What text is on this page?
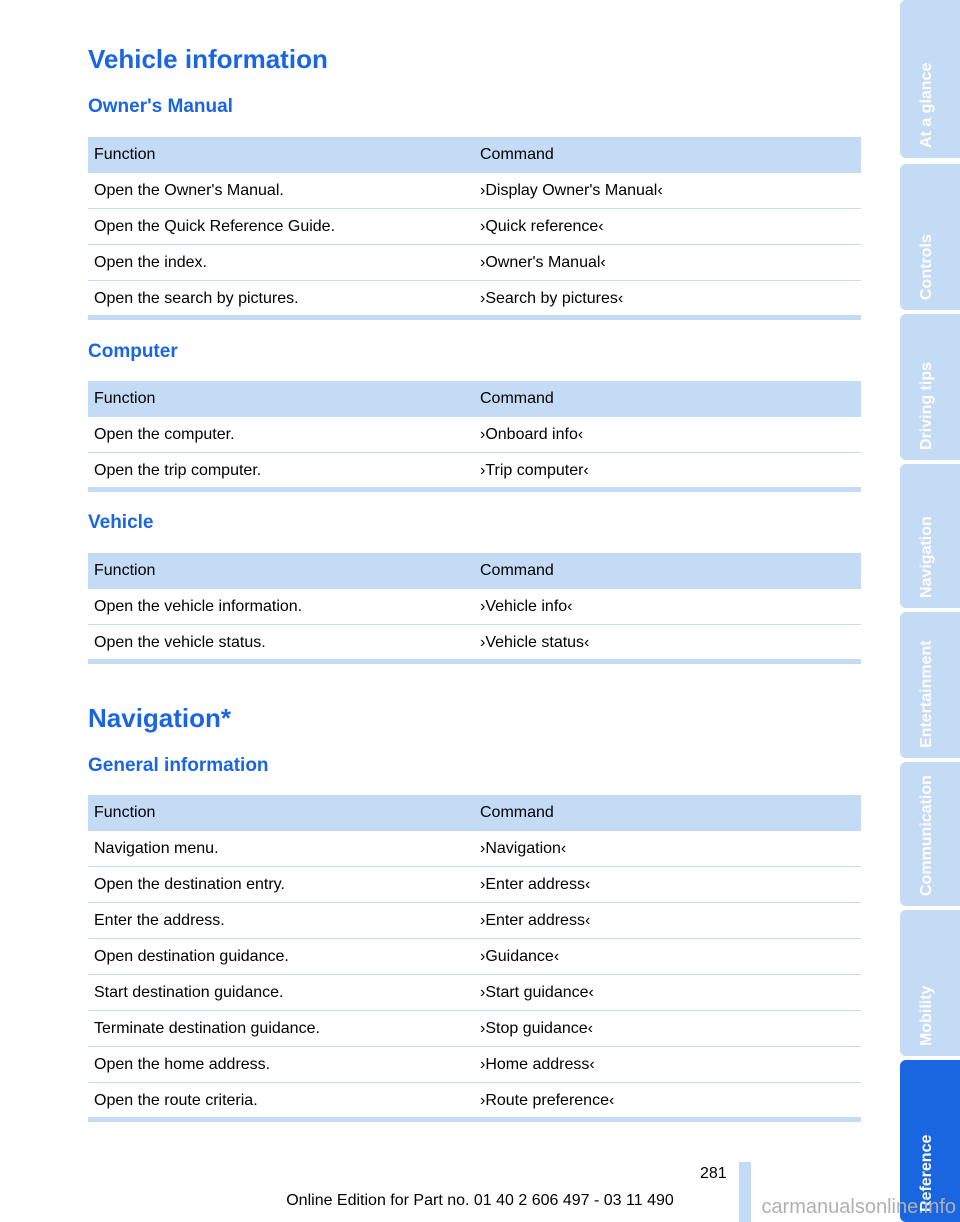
Vehicle information
Owner's Manual
Function	Command
Open the Owner's Manual.	›Display Owner's Manual‹
Open the Quick Reference Guide.	›Quick reference‹
Open the index.	›Owner's Manual‹
Open the search by pictures.	›Search by pictures‹
Computer
Function	Command
Open the computer.	›Onboard info‹
Open the trip computer.	›Trip computer‹
Vehicle
Function	Command
Open the vehicle information.	›Vehicle info‹
Open the vehicle status.	›Vehicle status‹
Navigation*
General information
Function	Command
Navigation menu.	›Navigation‹
Open the destination entry.	›Enter address‹
Enter the address.	›Enter address‹
Open destination guidance.	›Guidance‹
Start destination guidance.	›Start guidance‹
Terminate destination guidance.	›Stop guidance‹
Open the home address.	›Home address‹
Open the route criteria.	›Route preference‹
At a glance
Controls
Driving tips
Navigation
Entertainment
Communication
Mobility
Reference
281
Online Edition for Part no. 01 40 2 606 497 - 03 11 490	carmanualsonline.info
